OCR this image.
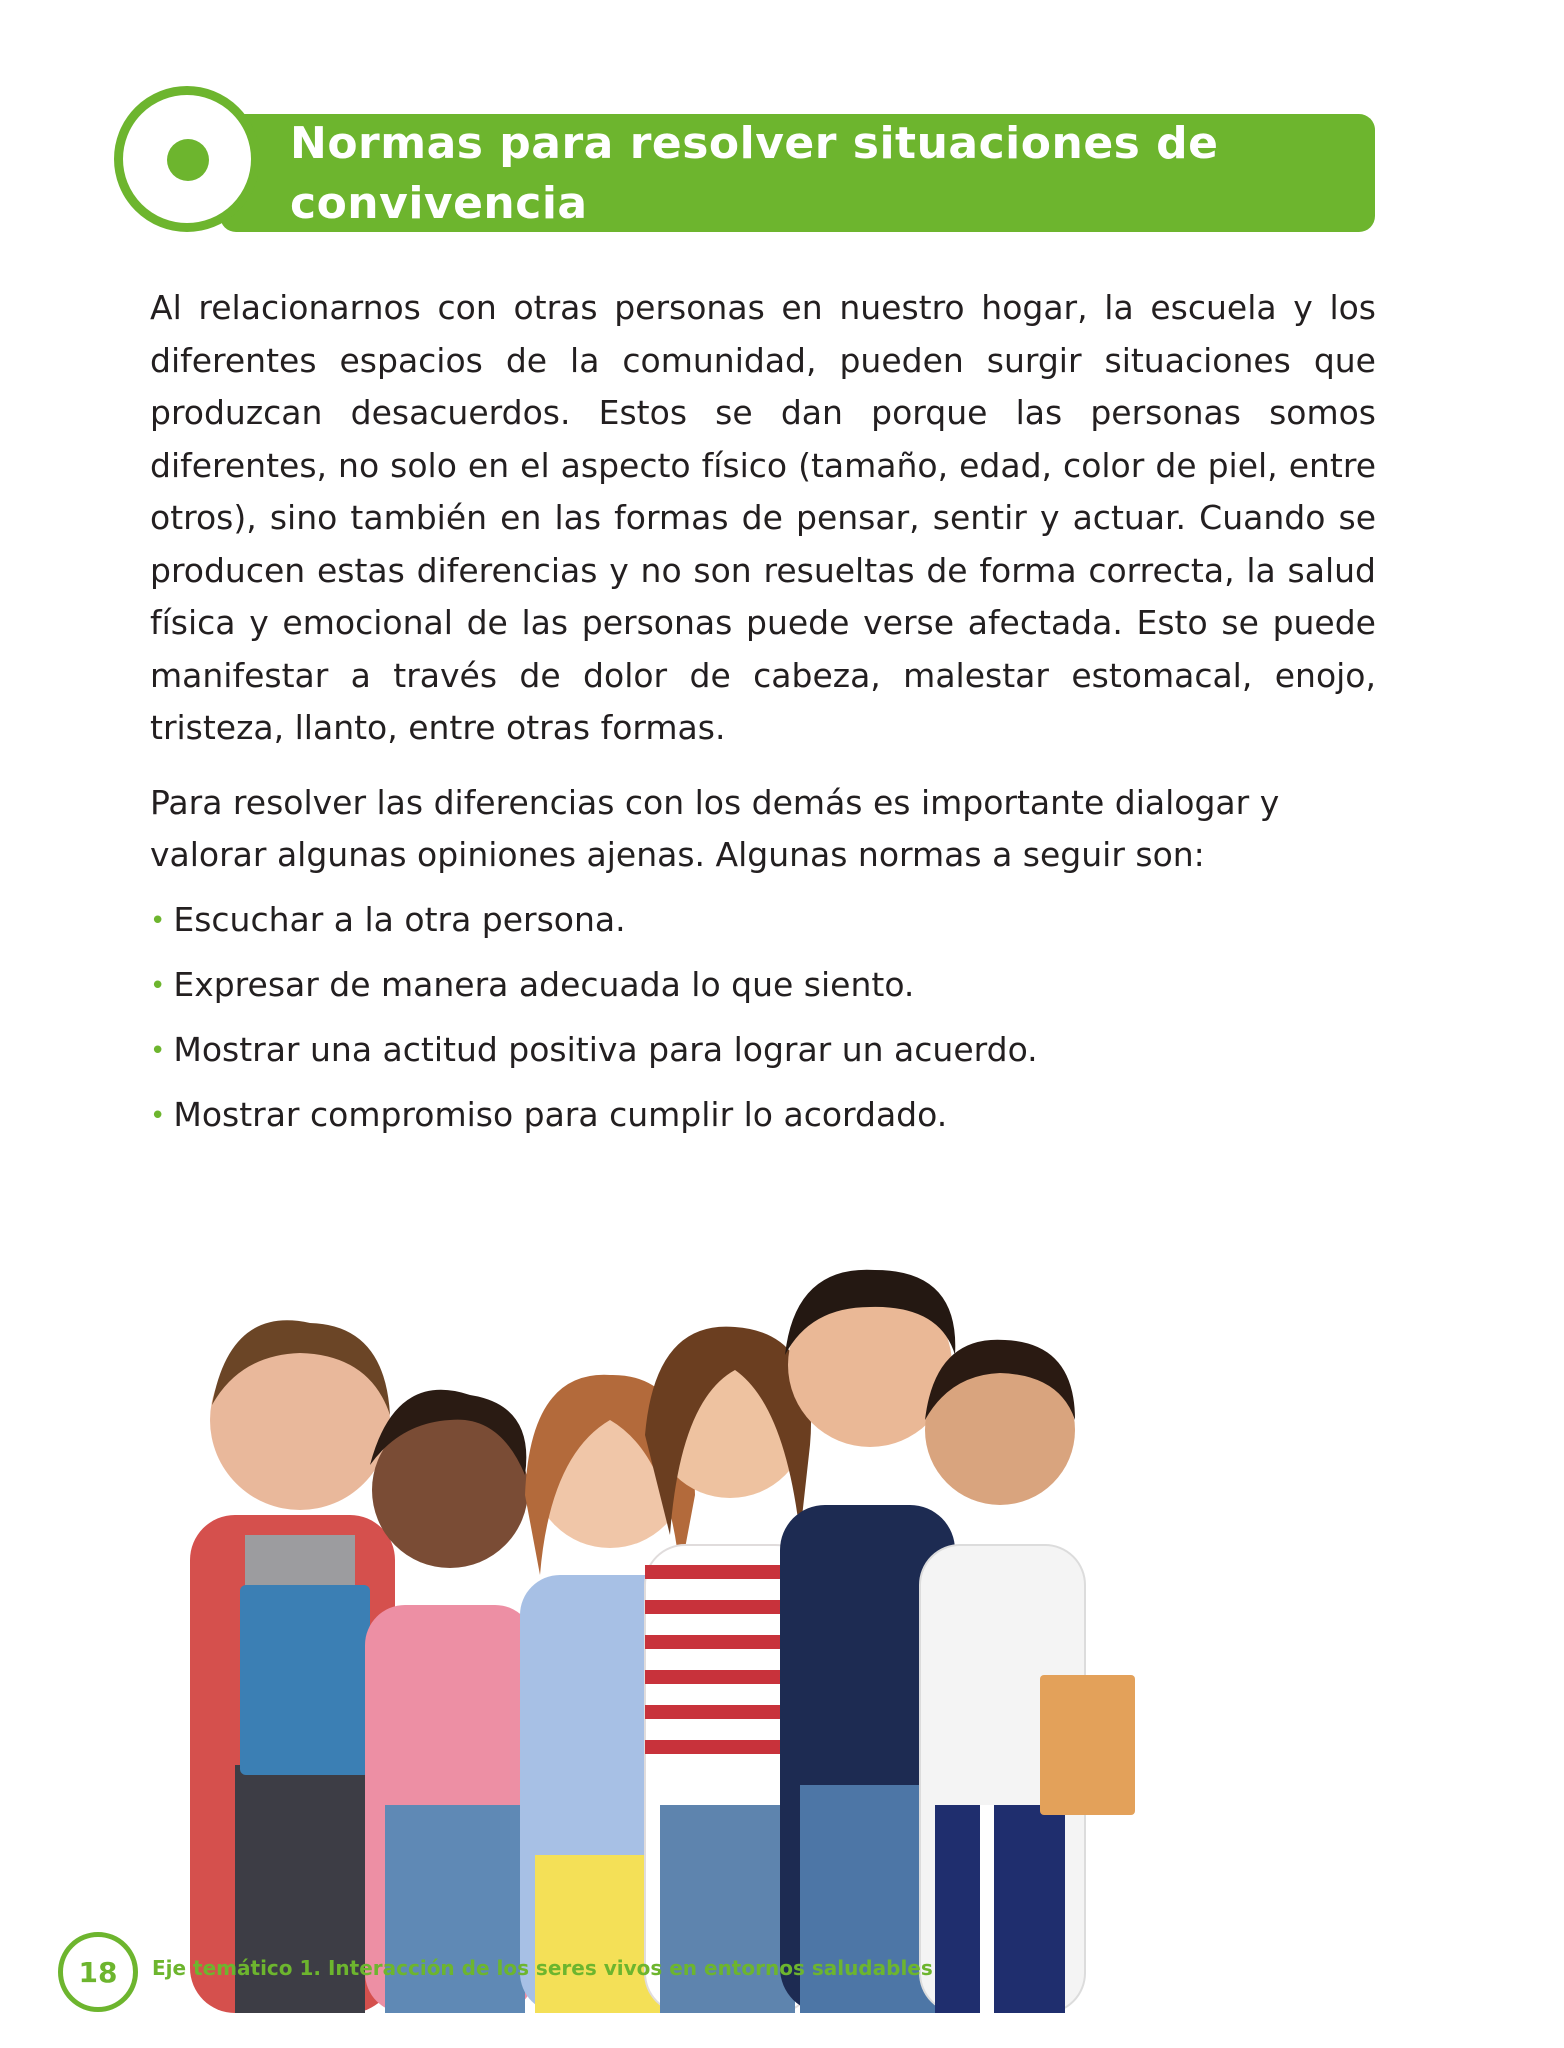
Normas para resolver situaciones de convivencia

Al relacionarnos con otras personas en nuestro hogar, la escuela y los diferentes espacios de la comunidad, pueden surgir situaciones que produzcan desacuerdos. Estos se dan porque las personas somos diferentes, no solo en el aspecto físico (tamaño, edad, color de piel, entre otros), sino también en las formas de pensar, sentir y actuar. Cuando se producen estas diferencias y no son resueltas de forma correcta, la salud física y emocional de las personas puede verse afectada. Esto se puede manifestar a través de dolor de cabeza, malestar estomacal, enojo, tristeza, llanto, entre otras formas.

Para resolver las diferencias con los demás es importante dialogar y valorar algunas opiniones ajenas. Algunas normas a seguir son:

• Escuchar a la otra persona.
• Expresar de manera adecuada lo que siento.
• Mostrar una actitud positiva para lograr un acuerdo.
• Mostrar compromiso para cumplir lo acordado.
18	Eje temático 1. Interacción de los seres vivos en entornos saludables
